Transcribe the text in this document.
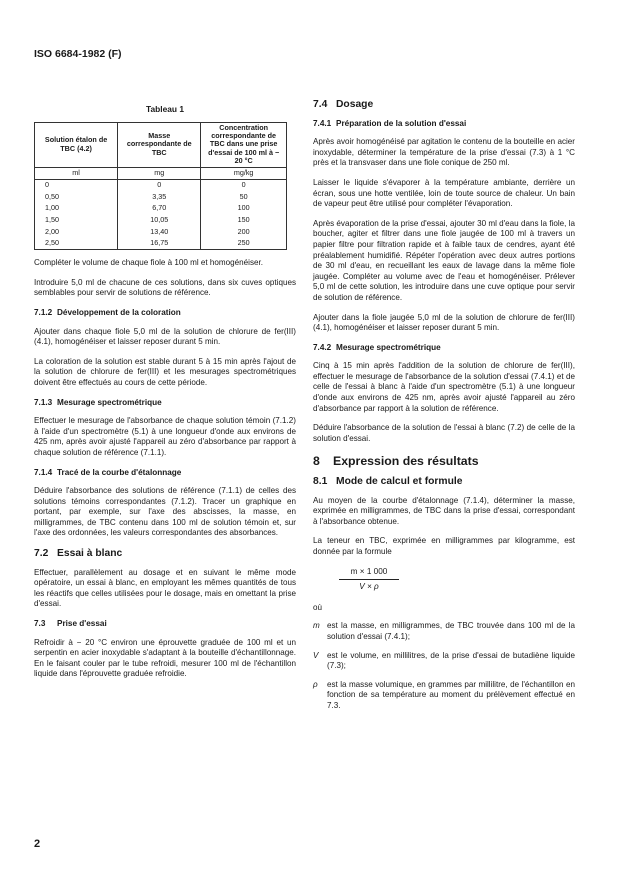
ISO 6684-1982 (F)
Tableau 1
Solution étalon de TBC (4.2)	Masse correspondante de TBC	Concentration correspondante de TBC dans une prise d'essai de 100 ml à − 20 °C
ml	mg	mg/kg
0	0	0
0,50	3,35	50
1,00	6,70	100
1,50	10,05	150
2,00	13,40	200
2,50	16,75	250

Compléter le volume de chaque fiole à 100 ml et homogénéiser.

Introduire 5,0 ml de chacune de ces solutions, dans six cuves optiques semblables pour servir de solutions de référence.

7.1.2 Développement de la coloration

Ajouter dans chaque fiole 5,0 ml de la solution de chlorure de fer(III) (4.1), homogénéiser et laisser reposer durant 5 min.

La coloration de la solution est stable durant 5 à 15 min après l'ajout de la solution de chlorure de fer(III) et les mesurages spectrométriques doivent être effectués au cours de cette période.

7.1.3 Mesurage spectrométrique

Effectuer le mesurage de l'absorbance de chaque solution témoin (7.1.2) à l'aide d'un spectromètre (5.1) à une longueur d'onde aux environs de 425 nm, après avoir ajusté l'appareil au zéro d'absorbance par rapport à chaque solution de référence (7.1.1).

7.1.4 Tracé de la courbe d'étalonnage

Déduire l'absorbance des solutions de référence (7.1.1) de celles des solutions témoins correspondantes (7.1.2). Tracer un graphique en portant, par exemple, sur l'axe des abscisses, la masse, en milligrammes, de TBC contenu dans 100 ml de solution témoin et, sur l'axe des ordonnées, les valeurs correspondantes des absorbances.

7.2 Essai à blanc

Effectuer, parallèlement au dosage et en suivant le même mode opératoire, un essai à blanc, en employant les mêmes quantités de tous les réactifs que celles utilisées pour le dosage, mais en omettant la prise d'essai.

7.3 Prise d'essai

Refroidir à − 20 °C environ une éprouvette graduée de 100 ml et un serpentin en acier inoxydable s'adaptant à la bouteille d'échantillonnage. En le faisant couler par le tube refroidi, mesurer 100 ml de l'échantillon liquide dans l'éprouvette graduée refroidie.

7.4 Dosage
7.4.1 Préparation de la solution d'essai

Après avoir homogénéisé par agitation le contenu de la bouteille en acier inoxydable, déterminer la température de la prise d'essai (7.3) à 1 °C près et la transvaser dans une fiole conique de 250 ml.

Laisser le liquide s'évaporer à la température ambiante, derrière un écran, sous une hotte ventilée, loin de toute source de chaleur. Un bain de vapeur peut être utilisé pour compléter l'évaporation.

Après évaporation de la prise d'essai, ajouter 30 ml d'eau dans la fiole, la boucher, agiter et filtrer dans une fiole jaugée de 100 ml à travers un papier filtre pour filtration rapide et à faible taux de cendres, ayant été préalablement humidifié. Répéter l'opération avec deux autres portions de 30 ml d'eau, en recueillant les eaux de lavage dans la même fiole jaugée. Compléter au volume avec de l'eau et homogénéiser. Prélever 5,0 ml de cette solution, les introduire dans une cuve optique pour servir de solution de référence.

Ajouter dans la fiole jaugée 5,0 ml de la solution de chlorure de fer(III) (4.1), homogénéiser et laisser reposer durant 5 min.

7.4.2 Mesurage spectrométrique

Cinq à 15 min après l'addition de la solution de chlorure de fer(III), effectuer le mesurage de l'absorbance de la solution d'essai (7.4.1) et de celle de l'essai à blanc à l'aide d'un spectromètre (5.1) à une longueur d'onde aux environs de 425 nm, après avoir ajusté l'appareil au zéro d'absorbance par rapport à la solution de référence.

Déduire l'absorbance de la solution de l'essai à blanc (7.2) de celle de la solution d'essai.

8 Expression des résultats
8.1 Mode de calcul et formule

Au moyen de la courbe d'étalonnage (7.1.4), déterminer la masse, exprimée en milligrammes, de TBC dans la prise d'essai, correspondant à l'absorbance obtenue.

La teneur en TBC, exprimée en milligrammes par kilogramme, est donnée par la formule

m × 1 000
V × ρ
où
m est la masse, en milligrammes, de TBC trouvée dans 100 ml de la solution d'essai (7.4.1);
V est le volume, en millilitres, de la prise d'essai de butadiène liquide (7.3);
ρ est la masse volumique, en grammes par millilitre, de l'échantillon en fonction de sa température au moment du prélèvement effectué en 7.3.
2
